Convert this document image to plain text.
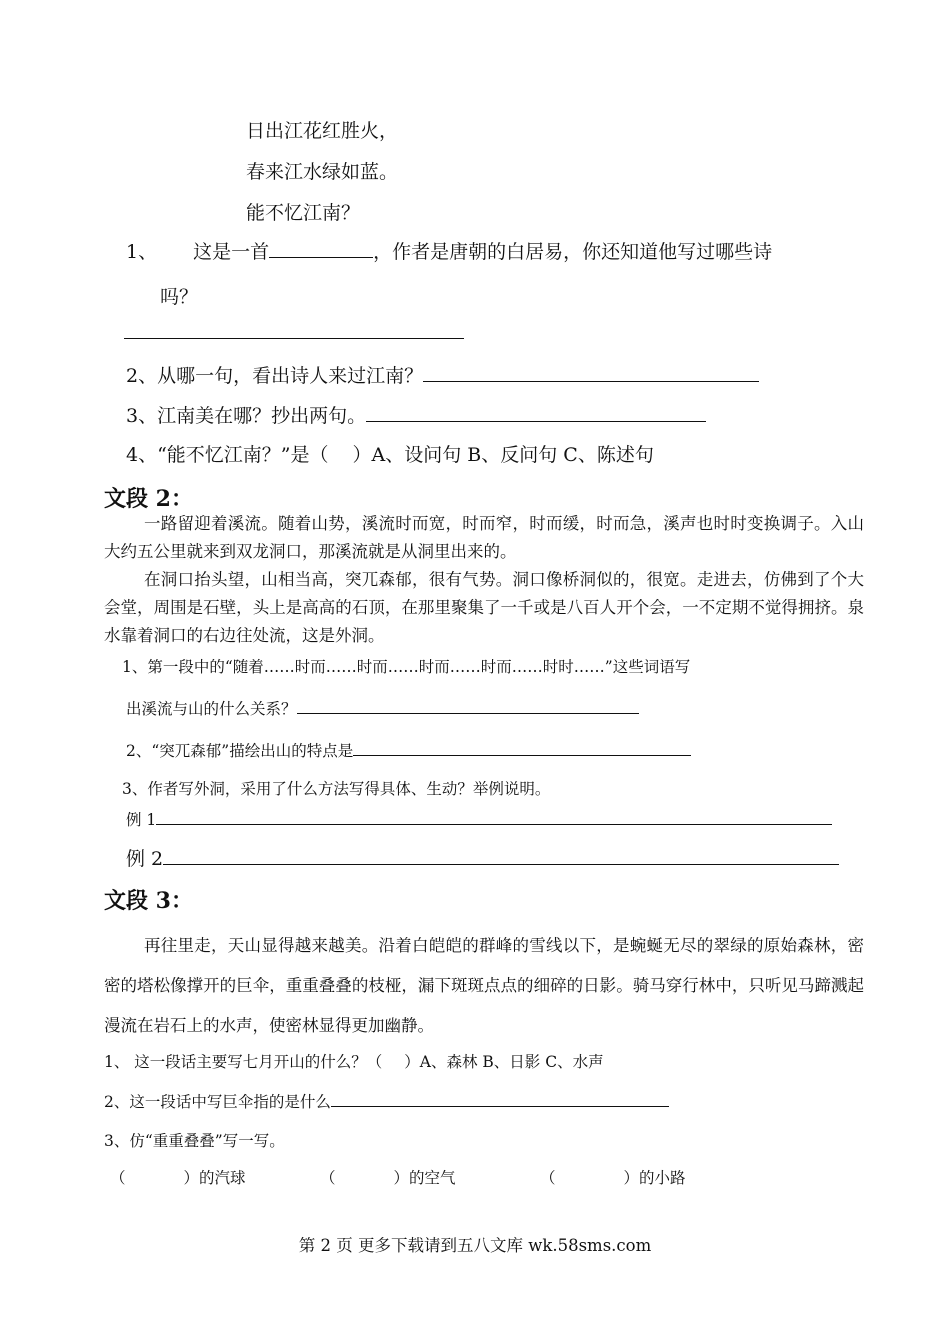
日出江花红胜火，
春来江水绿如蓝。
能不忆江南？
1、 这是一首	，作者是唐朝的白居易，你还知道他写过哪些诗
吗？
2、从哪一句，看出诗人来过江南？
3、江南美在哪？抄出两句。
4、“能不忆江南？”是（ ）A、设问句 B、反问句 C、陈述句
文段 2：
一路留迎着溪流。随着山势，溪流时而宽，时而窄，时而缓，时而急，溪声也时时变换调子。入山大约五公里就来到双龙洞口，那溪流就是从洞里出来的。
在洞口抬头望，山相当高，突兀森郁，很有气势。洞口像桥洞似的，很宽。走进去，仿佛到了个大会堂，周围是石壁，头上是高高的石顶，在那里聚集了一千或是八百人开个会，一不定期不觉得拥挤。泉水靠着洞口的右边往处流，这是外洞。
1、第一段中的“随着……时而……时而……时而……时而……时时……”这些词语写
出溪流与山的什么关系？
2、“突兀森郁”描绘出山的特点是
3、作者写外洞，采用了什么方法写得具体、生动？举例说明。
例 1
例 2
文段 3：
再往里走，天山显得越来越美。沿着白皑皑的群峰的雪线以下，是蜿蜒无尽的翠绿的原始森林，密密的塔松像撑开的巨伞，重重叠叠的枝桠，漏下斑斑点点的细碎的日影。骑马穿行林中，只听见马蹄溅起漫流在岩石上的水声，使密林显得更加幽静。
1、 这一段话主要写七月开山的什么？（ ）A、森林 B、日影 C、水声
2、这一段话中写巨伞指的是什么
3、仿“重重叠叠”写一写。
（	）的汽球	（	）的空气	（	）的小路
第 2 页 更多下载请到五八文库 wk.58sms.com
